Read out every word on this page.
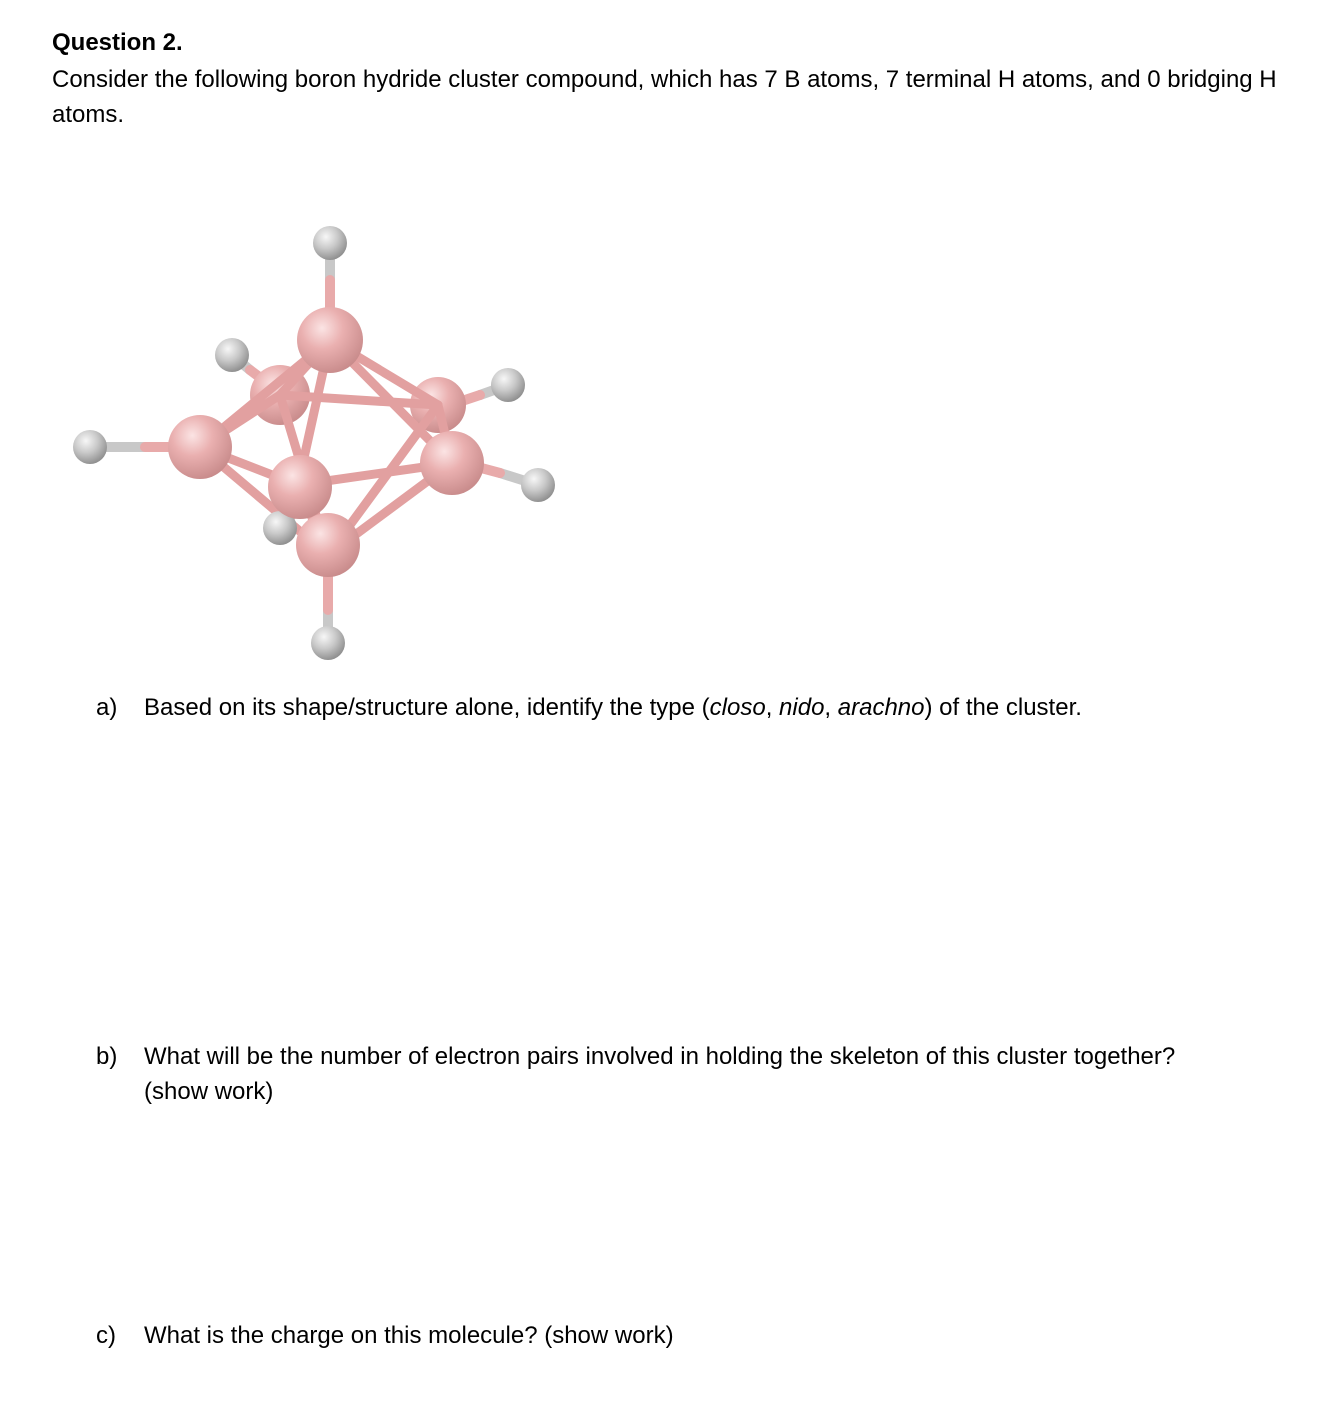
Question 2.

Consider the following boron hydride cluster compound, which has 7 B atoms, 7 terminal H atoms, and 0 bridging H atoms.

a)	Based on its shape/structure alone, identify the type (closo, nido, arachno) of the cluster.
b)	What will be the number of electron pairs involved in holding the skeleton of this cluster together? (show work)
c)	What is the charge on this molecule? (show work)
